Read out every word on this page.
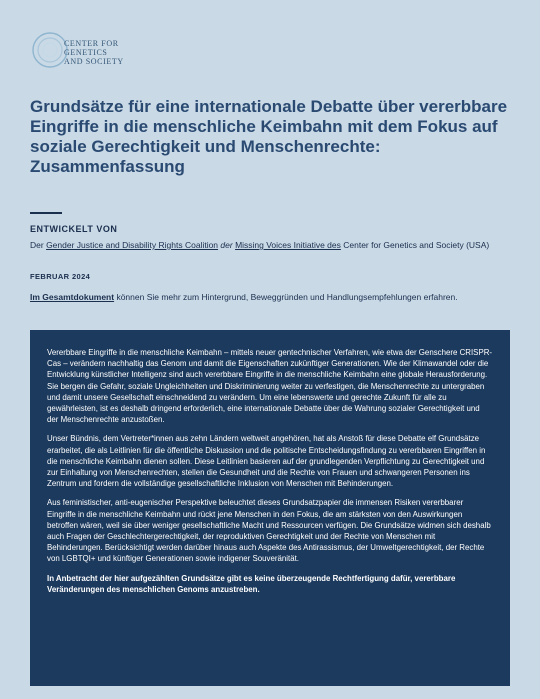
CENTER FOR
GENETICS
AND SOCIETY
Grundsätze für eine internationale Debatte über vererbbare Eingriffe in die menschliche Keimbahn mit dem Fokus auf soziale Gerechtigkeit und Menschenrechte: Zusammenfassung
ENTWICKELT VON
Der Gender Justice and Disability Rights Coalition der Missing Voices Initiative des Center for Genetics and Society (USA)
FEBRUAR 2024
Im Gesamtdokument können Sie mehr zum Hintergrund, Beweggründen und Handlungsempfehlungen erfahren.

Vererbbare Eingriffe in die menschliche Keimbahn – mittels neuer gentechnischer Verfahren, wie etwa der Genschere CRISPR-Cas – verändern nachhaltig das Genom und damit die Eigenschaften zukünftiger Generationen. Wie der Klimawandel oder die Entwicklung künstlicher Intelligenz sind auch vererbbare Eingriffe in die menschliche Keimbahn eine globale Herausforderung. Sie bergen die Gefahr, soziale Ungleichheiten und Diskriminierung weiter zu verfestigen, die Menschenrechte zu untergraben und damit unsere Gesellschaft einschneidend zu verändern. Um eine lebenswerte und gerechte Zukunft für alle zu gewährleisten, ist es deshalb dringend erforderlich, eine internationale Debatte über die Wahrung sozialer Gerechtigkeit und der Menschenrechte anzustoßen.

Unser Bündnis, dem Vertreter*innen aus zehn Ländern weltweit angehören, hat als Anstoß für diese Debatte elf Grundsätze erarbeitet, die als Leitlinien für die öffentliche Diskussion und die politische Entscheidungsfindung zu vererbbaren Eingriffen in die menschliche Keimbahn dienen sollen. Diese Leitlinien basieren auf der grundlegenden Verpflichtung zu Gerechtigkeit und zur Einhaltung von Menschenrechten, stellen die Gesundheit und die Rechte von Frauen und schwangeren Personen ins Zentrum und fordern die vollständige gesellschaftliche Inklusion von Menschen mit Behinderungen.

Aus feministischer, anti-eugenischer Perspektive beleuchtet dieses Grundsatzpapier die immensen Risiken vererbbarer Eingriffe in die menschliche Keimbahn und rückt jene Menschen in den Fokus, die am stärksten von den Auswirkungen betroffen wären, weil sie über weniger gesellschaftliche Macht und Ressourcen verfügen. Die Grundsätze widmen sich deshalb auch Fragen der Geschlechtergerechtigkeit, der reproduktiven Gerechtigkeit und der Rechte von Menschen mit Behinderungen. Berücksichtigt werden darüber hinaus auch Aspekte des Antirassismus, der Umweltgerechtigkeit, der Rechte von LGBTQI+ und künftiger Generationen sowie indigener Souveränität.

In Anbetracht der hier aufgezählten Grundsätze gibt es keine überzeugende Rechtfertigung dafür, vererbbare Veränderungen des menschlichen Genoms anzustreben.
